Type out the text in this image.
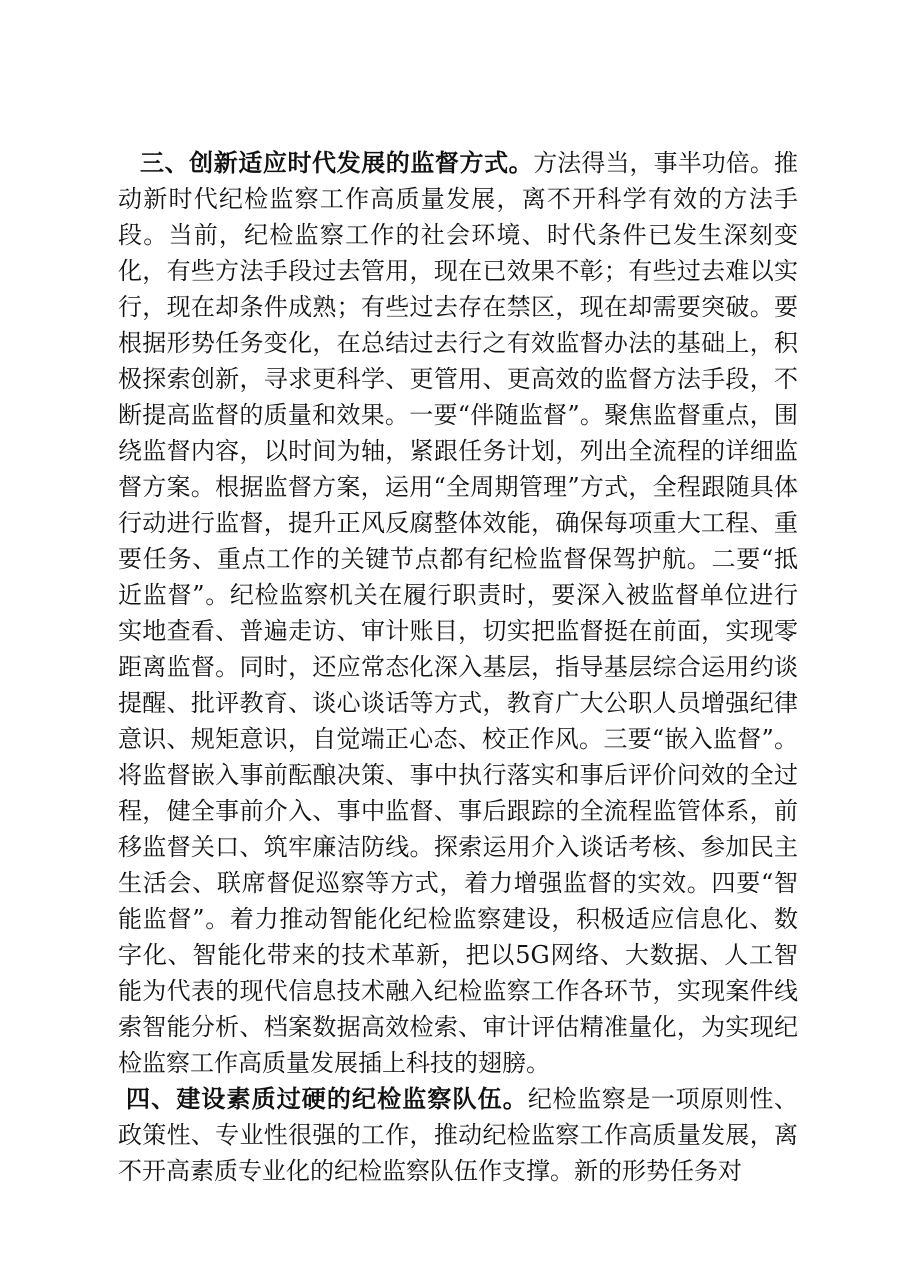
三、创新适应时代发展的监督方式。方法得当，事半功倍。推动新时代纪检监察工作高质量发展，离不开科学有效的方法手段。当前，纪检监察工作的社会环境、时代条件已发生深刻变化，有些方法手段过去管用，现在已效果不彰；有些过去难以实行，现在却条件成熟；有些过去存在禁区，现在却需要突破。要根据形势任务变化，在总结过去行之有效监督办法的基础上，积极探索创新，寻求更科学、更管用、更高效的监督方法手段，不断提高监督的质量和效果。一要“伴随监督”。聚焦监督重点，围绕监督内容，以时间为轴，紧跟任务计划，列出全流程的详细监督方案。根据监督方案，运用“全周期管理”方式，全程跟随具体行动进行监督，提升正风反腐整体效能，确保每项重大工程、重要任务、重点工作的关键节点都有纪检监督保驾护航。二要“抵近监督”。纪检监察机关在履行职责时，要深入被监督单位进行实地查看、普遍走访、审计账目，切实把监督挺在前面，实现零距离监督。同时，还应常态化深入基层，指导基层综合运用约谈提醒、批评教育、谈心谈话等方式，教育广大公职人员增强纪律意识、规矩意识，自觉端正心态、校正作风。三要“嵌入监督”。将监督嵌入事前酝酿决策、事中执行落实和事后评价问效的全过程，健全事前介入、事中监督、事后跟踪的全流程监管体系，前移监督关口、筑牢廉洁防线。探索运用介入谈话考核、参加民主生活会、联席督促巡察等方式，着力增强监督的实效。四要“智能监督”。着力推动智能化纪检监察建设，积极适应信息化、数字化、智能化带来的技术革新，把以5G网络、大数据、人工智能为代表的现代信息技术融入纪检监察工作各环节，实现案件线索智能分析、档案数据高效检索、审计评估精准量化，为实现纪检监察工作高质量发展插上科技的翅膀。

四、建设素质过硬的纪检监察队伍。纪检监察是一项原则性、政策性、专业性很强的工作，推动纪检监察工作高质量发展，离不开高素质专业化的纪检监察队伍作支撑。新的形势任务对
